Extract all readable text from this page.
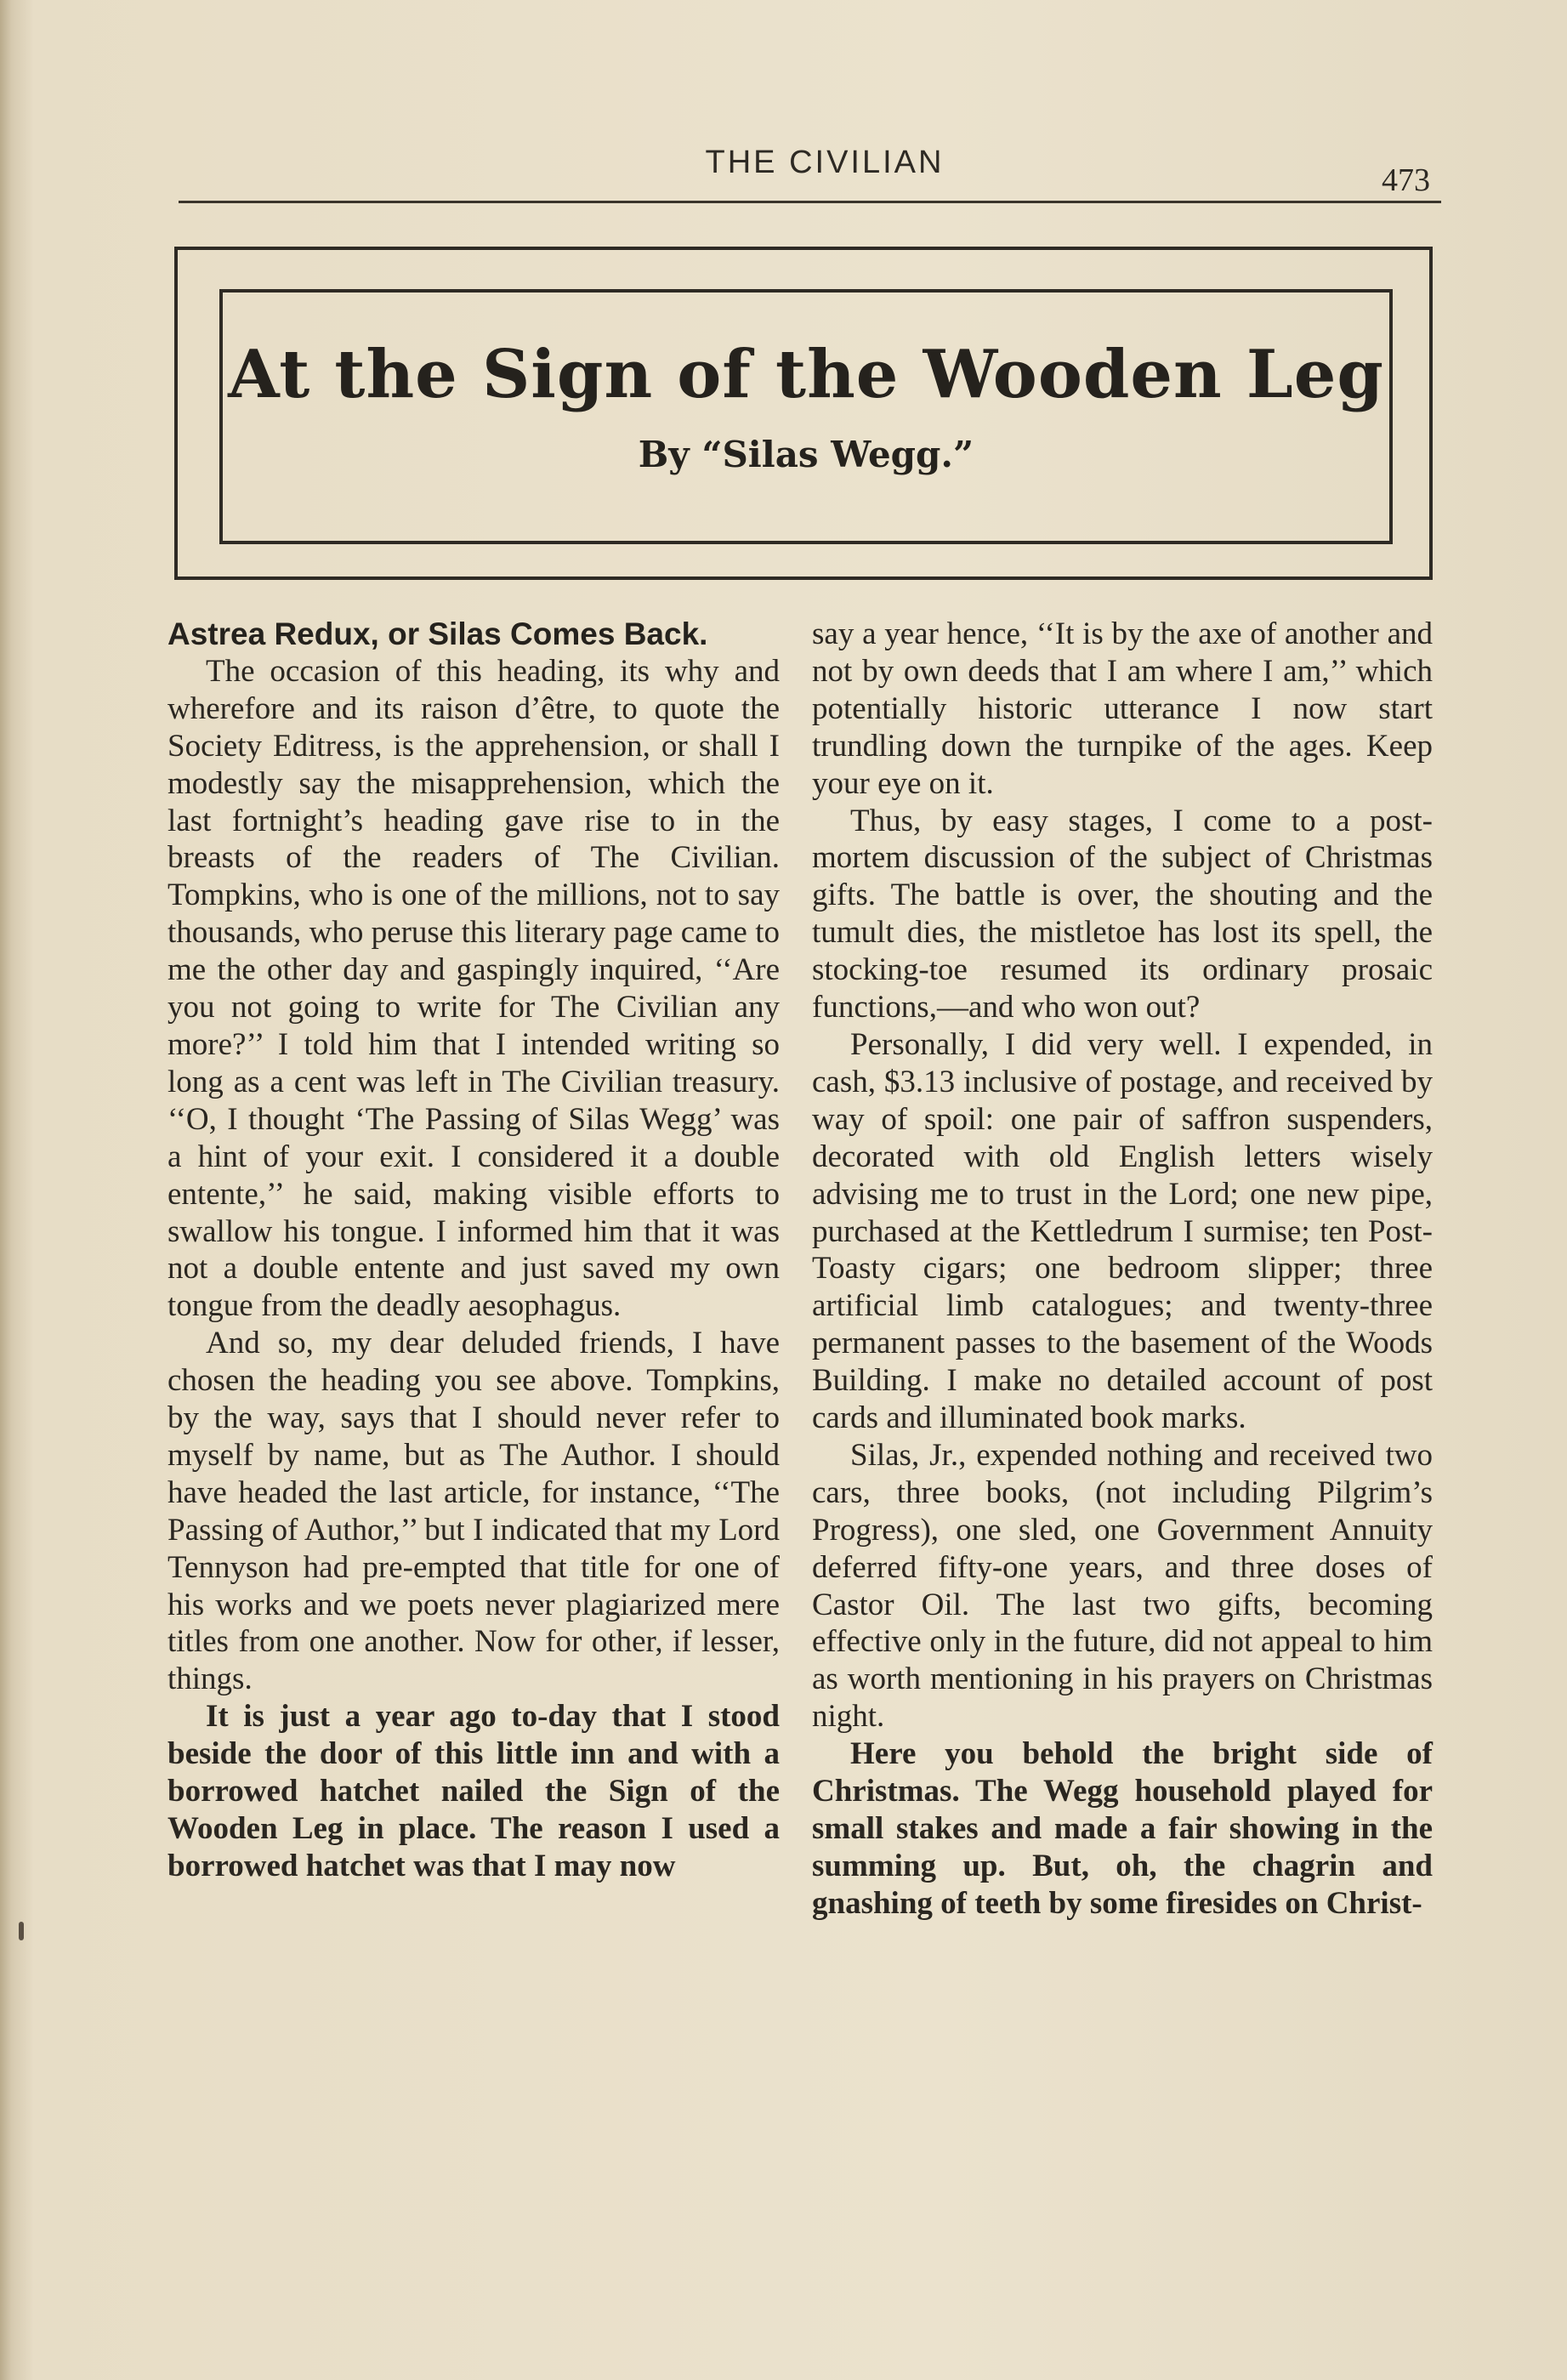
THE CIVILIAN	473
At the Sign of the Wooden Leg
By “Silas Wegg.”

Astrea Redux, or Silas Comes Back.

The occasion of this heading, its why and wherefore and its raison d’être, to quote the Society Editress, is the apprehension, or shall I modestly say the misapprehension, which the last fortnight’s heading gave rise to in the breasts of the readers of The Civilian. Tompkins, who is one of the millions, not to say thousands, who peruse this literary page came to me the other day and gaspingly inquired, ‘‘Are you not going to write for The Civilian any more?’’ I told him that I intended writing so long as a cent was left in The Civilian treasury. ‘‘O, I thought ‘The Passing of Silas Wegg’ was a hint of your exit. I considered it a double entente,’’ he said, making visible efforts to swallow his tongue. I informed him that it was not a double entente and just saved my own tongue from the deadly aesophagus.

And so, my dear deluded friends, I have chosen the heading you see above. Tompkins, by the way, says that I should never refer to myself by name, but as The Author. I should have headed the last article, for instance, ‘‘The Passing of Author,’’ but I indicated that my Lord Tennyson had pre-empted that title for one of his works and we poets never plagiarized mere titles from one another. Now for other, if lesser, things.

It is just a year ago to-day that I stood beside the door of this little inn and with a borrowed hatchet nailed the Sign of the Wooden Leg in place. The reason I used a borrowed hatchet was that I may now

say a year hence, ‘‘It is by the axe of another and not by own deeds that I am where I am,’’ which potentially historic utterance I now start trundling down the turnpike of the ages. Keep your eye on it.

Thus, by easy stages, I come to a post-mortem discussion of the subject of Christmas gifts. The battle is over, the shouting and the tumult dies, the mistletoe has lost its spell, the stocking-toe resumed its ordinary prosaic functions,—and who won out?

Personally, I did very well. I expended, in cash, $3.13 inclusive of postage, and received by way of spoil: one pair of saffron suspenders, decorated with old English letters wisely advising me to trust in the Lord; one new pipe, purchased at the Kettledrum I surmise; ten Post-Toasty cigars; one bedroom slipper; three artificial limb catalogues; and twenty-three permanent passes to the basement of the Woods Building. I make no detailed account of post cards and illuminated book marks.

Silas, Jr., expended nothing and received two cars, three books, (not including Pilgrim’s Progress), one sled, one Government Annuity deferred fifty-one years, and three doses of Castor Oil. The last two gifts, becoming effective only in the future, did not appeal to him as worth mentioning in his prayers on Christmas night.

Here you behold the bright side of Christmas. The Wegg household played for small stakes and made a fair showing in the summing up. But, oh, the chagrin and gnashing of teeth by some firesides on Christ-
